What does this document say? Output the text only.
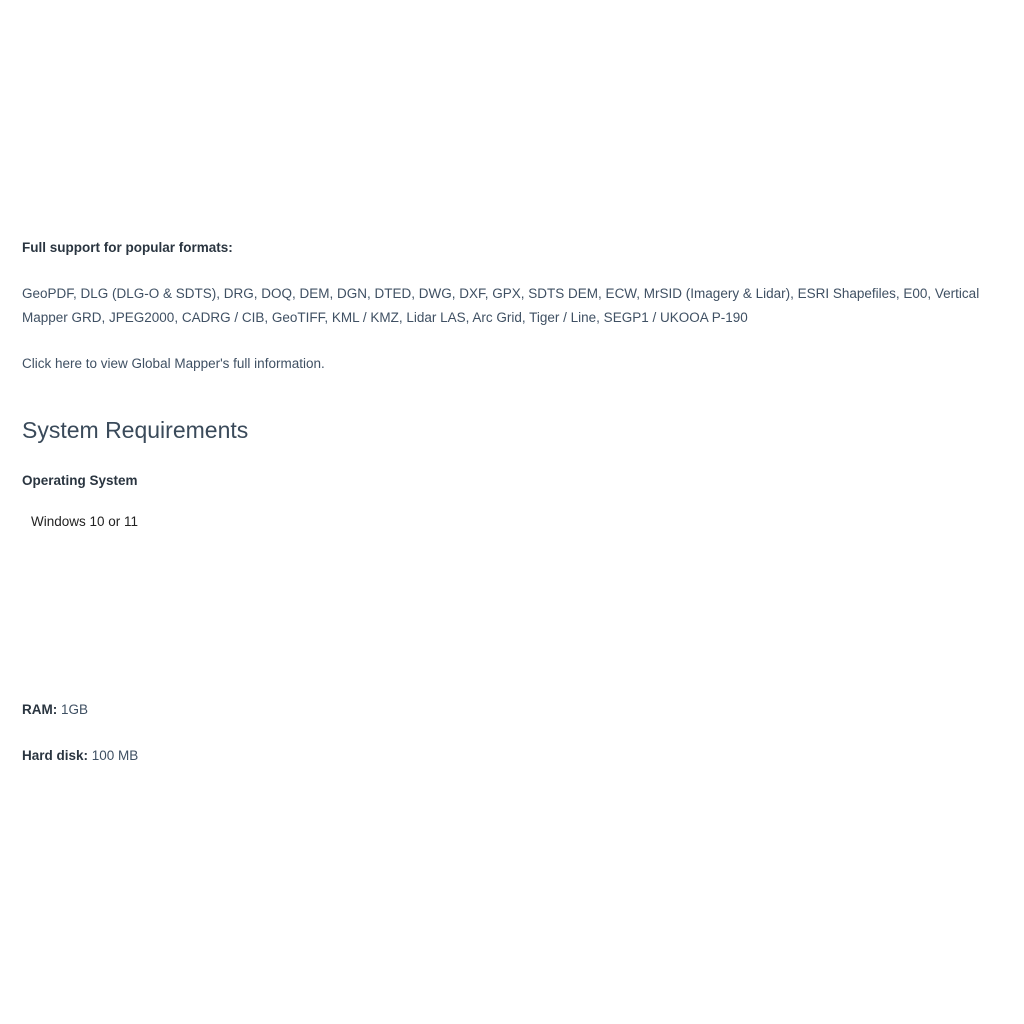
Full support for popular formats:
GeoPDF, DLG (DLG-O & SDTS), DRG, DOQ, DEM, DGN, DTED, DWG, DXF, GPX, SDTS DEM, ECW, MrSID (Imagery & Lidar), ESRI Shapefiles, E00, Vertical Mapper GRD, JPEG2000, CADRG / CIB, GeoTIFF, KML / KMZ, Lidar LAS, Arc Grid, Tiger / Line, SEGP1 / UKOOA P-190
Click here to view Global Mapper's full information.
System Requirements
Operating System
Windows 10 or 11
RAM: 1GB
Hard disk: 100 MB
